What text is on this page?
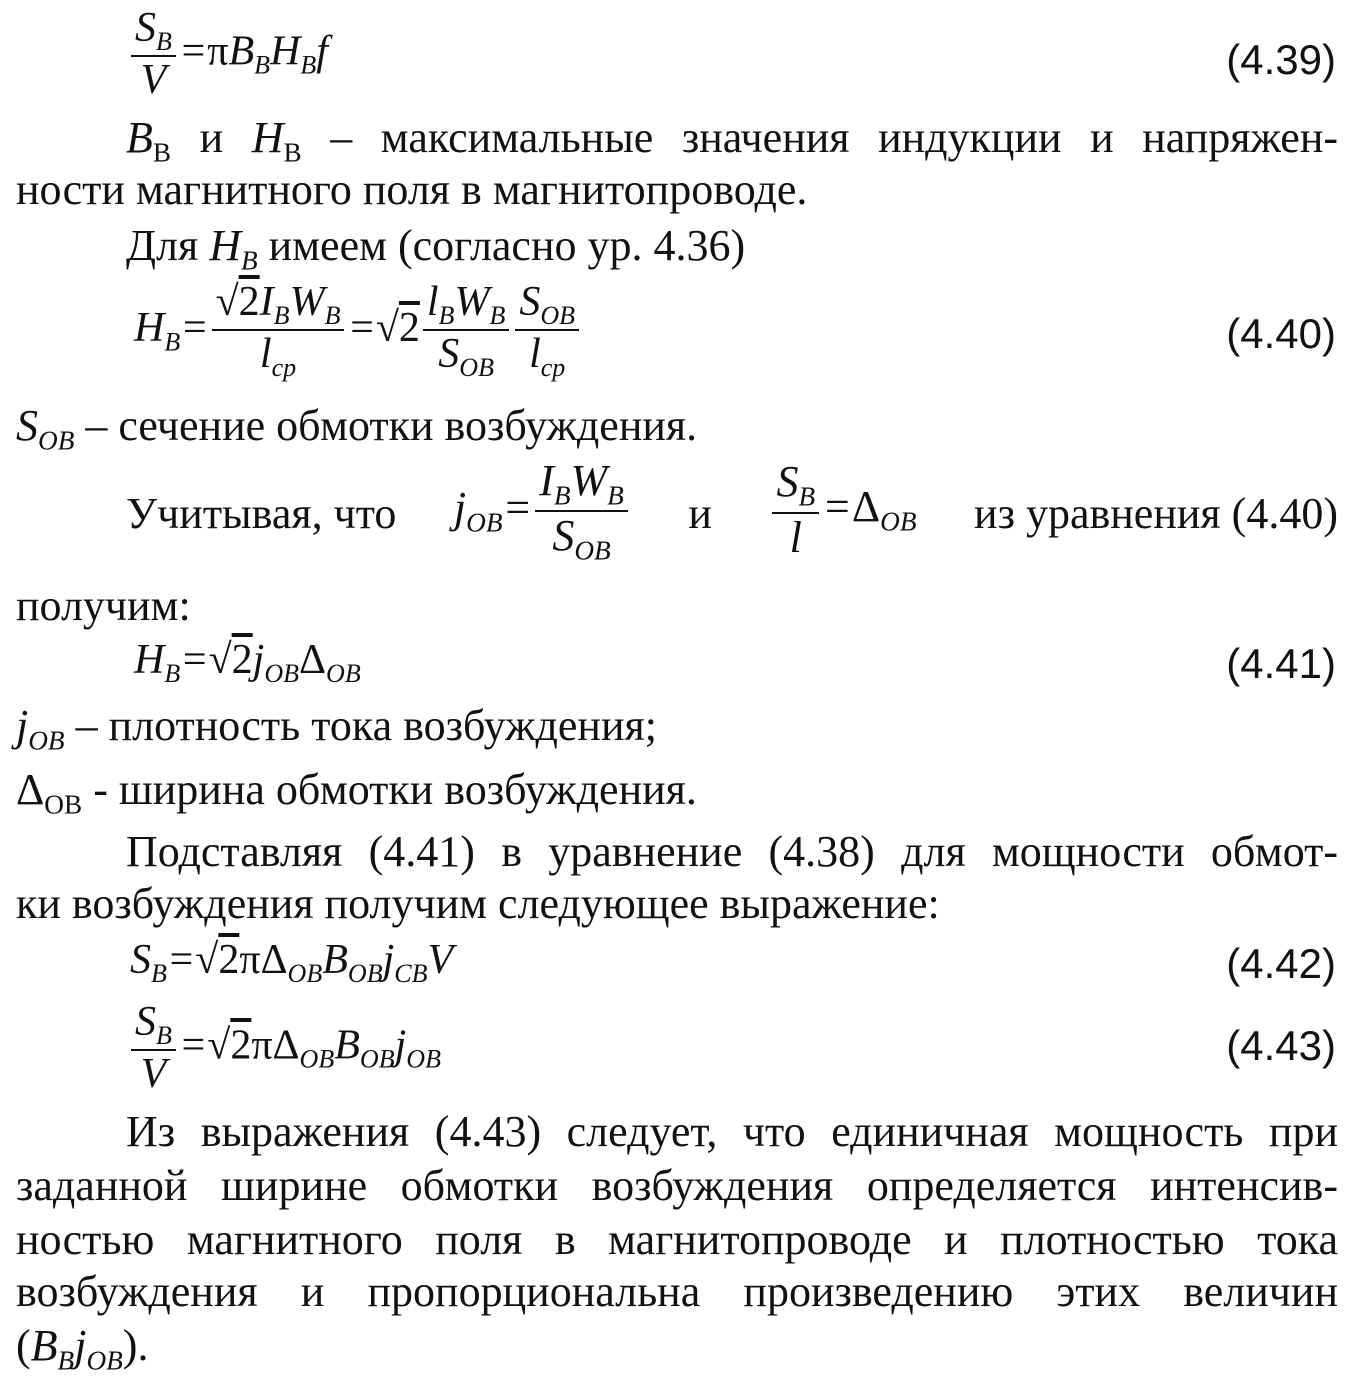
$\frac{S_В}{V} =\pi B_ВH_Вf$	(4.39)
$B_В$ и $H_В$ – максимальные значения индукции и напряжен-
ности магнитного поля в магнитопроводе.
Для $H_В$ имеем (согласно ур. 4.36)
$H_В= \frac{√2I_ВW_В}{l_{ср}} =√2 \frac{l_ВW_В}{S_{ОВ}} \frac{S_{ОВ}}{l_{ср}}$	(4.40)
$S_{ОВ}$ – сечение обмотки возбуждения.
Учитывая, что $j_{ОВ}= \frac{I_ВW_В}{S_{ОВ}}$ и $\frac{S_В}{l} =\Delta_{ОВ}$ из уравнения (4.40)
получим:
$H_В=√2j_{ОВ}\Delta_{ОВ}$	(4.41)
$j_{ОВ}$ – плотность тока возбуждения;
$\Delta_{ОВ}$ - ширина обмотки возбуждения.
Подставляя (4.41) в уравнение (4.38) для мощности обмот-
ки возбуждения получим следующее выражение:
$S_В=√2\pi\Delta_{ОВ}B_{ОВ}j_{СВ}V$	(4.42)
$\frac{S_В}{V} =√2\pi\Delta_{ОВ}B_{ОВ}j_{ОВ}$	(4.43)
Из выражения (4.43) следует, что единичная мощность при
заданной ширине обмотки возбуждения определяется интенсив-
ностью магнитного поля в магнитопроводе и плотностью тока
возбуждения и пропорциональна произведению этих величин
$(B_Вj_{ОВ})$.
